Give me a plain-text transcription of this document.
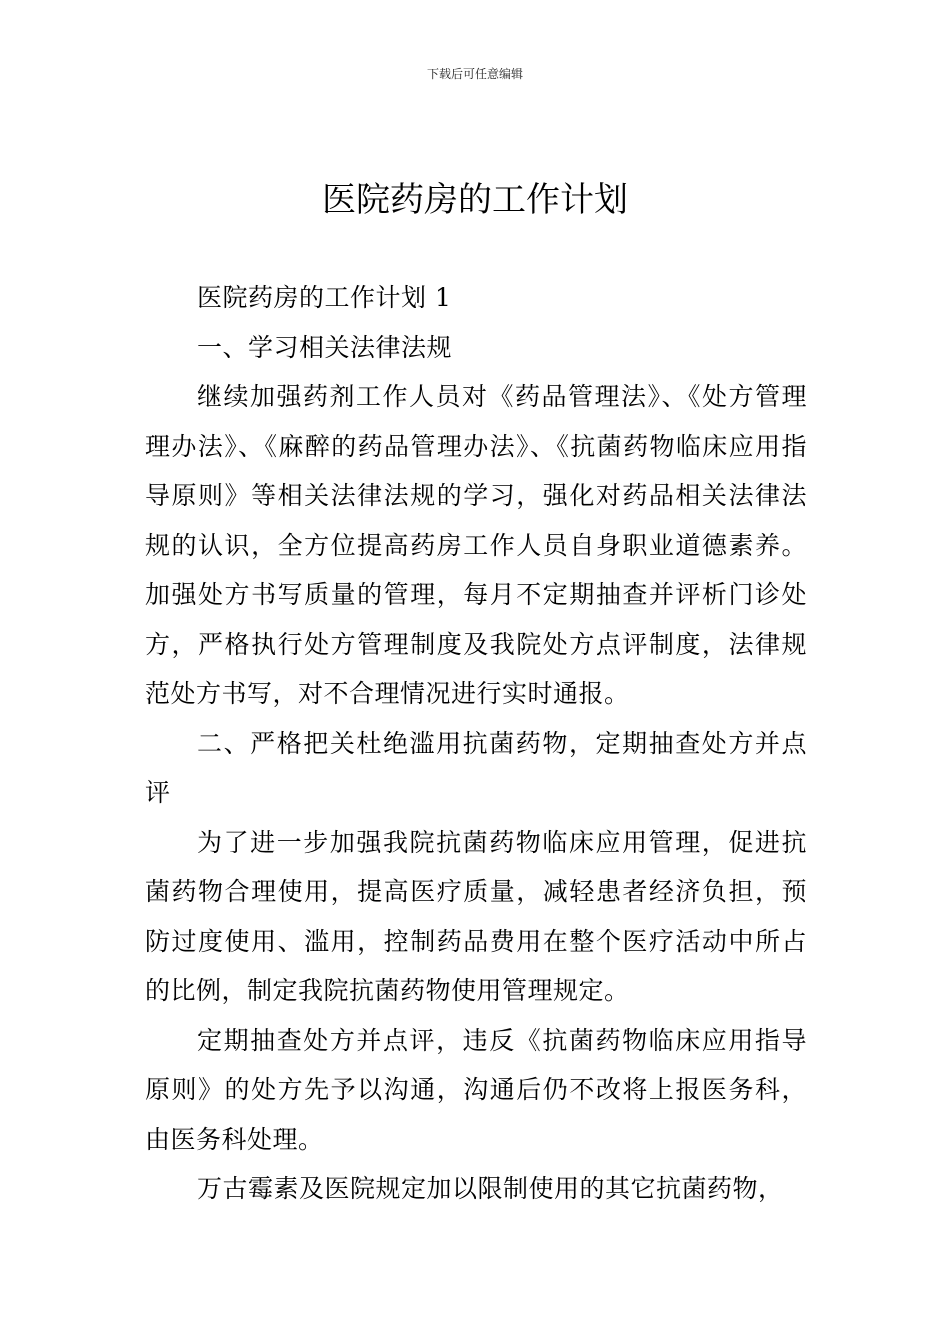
下载后可任意编辑
医院药房的工作计划

医院药房的工作计划 1

一、学习相关法律法规

继续加强药剂工作人员对《药品管理法》、《处方管理理办法》、《麻醉的药品管理办法》、《抗菌药物临床应用指导原则》等相关法律法规的学习，强化对药品相关法律法规的认识，全方位提高药房工作人员自身职业道德素养。加强处方书写质量的管理，每月不定期抽查并评析门诊处方，严格执行处方管理制度及我院处方点评制度，法律规范处方书写，对不合理情况进行实时通报。

二、严格把关杜绝滥用抗菌药物，定期抽查处方并点评

为了进一步加强我院抗菌药物临床应用管理，促进抗菌药物合理使用，提高医疗质量，减轻患者经济负担，预防过度使用、滥用，控制药品费用在整个医疗活动中所占的比例，制定我院抗菌药物使用管理规定。

定期抽查处方并点评，违反《抗菌药物临床应用指导原则》的处方先予以沟通，沟通后仍不改将上报医务科，由医务科处理。

万古霉素及医院规定加以限制使用的其它抗菌药物，
